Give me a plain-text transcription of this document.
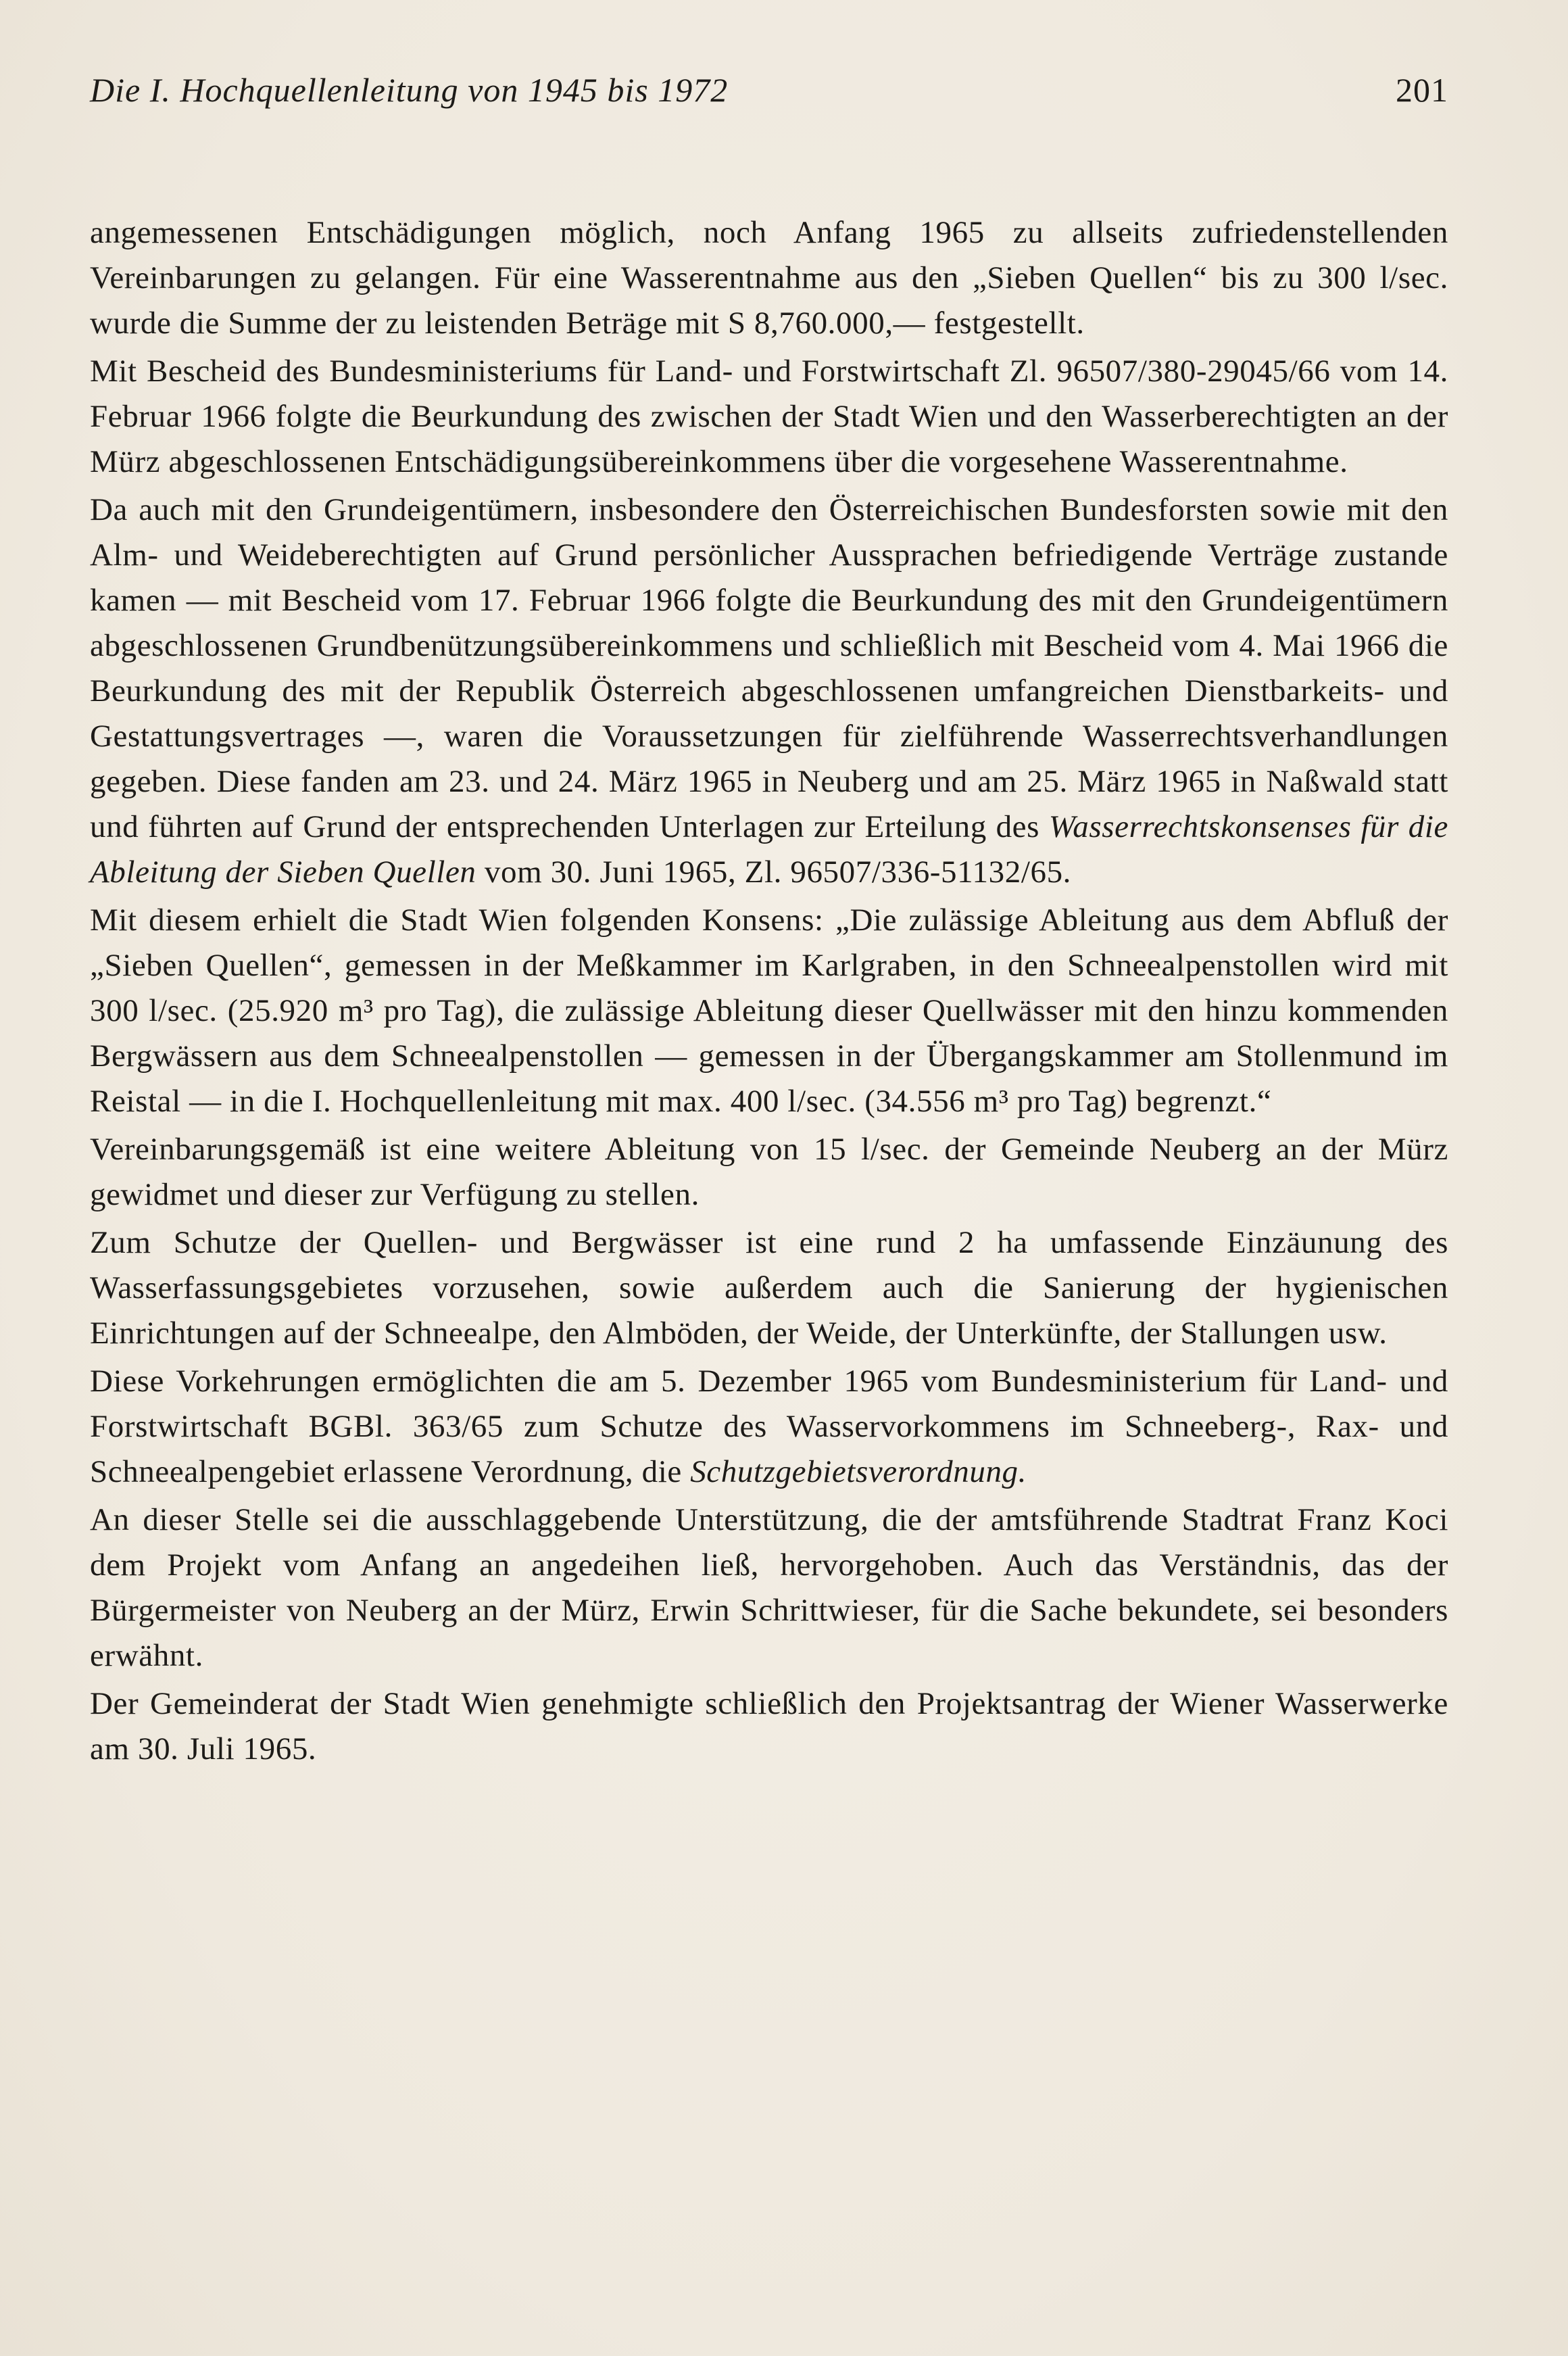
Die I. Hochquellenleitung von 1945 bis 1972	201

angemessenen Entschädigungen möglich, noch Anfang 1965 zu allseits zufriedenstellenden Vereinbarungen zu gelangen. Für eine Wasserentnahme aus den „Sieben Quellen“ bis zu 300 l/sec. wurde die Summe der zu leistenden Beträge mit S 8,760.000,— festgestellt.

Mit Bescheid des Bundesministeriums für Land- und Forstwirtschaft Zl. 96507/380-29045/66 vom 14. Februar 1966 folgte die Beurkundung des zwischen der Stadt Wien und den Wasserberechtigten an der Mürz abgeschlossenen Entschädigungsübereinkommens über die vorgesehene Wasserentnahme.

Da auch mit den Grundeigentümern, insbesondere den Österreichischen Bundesforsten sowie mit den Alm- und Weideberechtigten auf Grund persönlicher Aussprachen befriedigende Verträge zustande kamen — mit Bescheid vom 17. Februar 1966 folgte die Beurkundung des mit den Grundeigentümern abgeschlossenen Grundbenützungsübereinkommens und schließlich mit Bescheid vom 4. Mai 1966 die Beurkundung des mit der Republik Österreich abgeschlossenen umfangreichen Dienstbarkeits- und Gestattungsvertrages —, waren die Voraussetzungen für zielführende Wasserrechtsverhandlungen gegeben. Diese fanden am 23. und 24. März 1965 in Neuberg und am 25. März 1965 in Naßwald statt und führten auf Grund der entsprechenden Unterlagen zur Erteilung des Wasserrechtskonsenses für die Ableitung der Sieben Quellen vom 30. Juni 1965, Zl. 96507/336-51132/65.

Mit diesem erhielt die Stadt Wien folgenden Konsens: „Die zulässige Ableitung aus dem Abfluß der „Sieben Quellen“, gemessen in der Meßkammer im Karlgraben, in den Schneealpenstollen wird mit 300 l/sec. (25.920 m³ pro Tag), die zulässige Ableitung dieser Quellwässer mit den hinzu kommenden Bergwässern aus dem Schneealpenstollen — gemessen in der Übergangskammer am Stollenmund im Reistal — in die I. Hochquellenleitung mit max. 400 l/sec. (34.556 m³ pro Tag) begrenzt.“

Vereinbarungsgemäß ist eine weitere Ableitung von 15 l/sec. der Gemeinde Neuberg an der Mürz gewidmet und dieser zur Verfügung zu stellen.

Zum Schutze der Quellen- und Bergwässer ist eine rund 2 ha umfassende Einzäunung des Wasserfassungsgebietes vorzusehen, sowie außerdem auch die Sanierung der hygienischen Einrichtungen auf der Schneealpe, den Almböden, der Weide, der Unterkünfte, der Stallungen usw.

Diese Vorkehrungen ermöglichten die am 5. Dezember 1965 vom Bundesministerium für Land- und Forstwirtschaft BGBl. 363/65 zum Schutze des Wasservorkommens im Schneeberg-, Rax- und Schneealpengebiet erlassene Verordnung, die Schutzgebietsverordnung.

An dieser Stelle sei die ausschlaggebende Unterstützung, die der amtsführende Stadtrat Franz Koci dem Projekt vom Anfang an angedeihen ließ, hervorgehoben. Auch das Verständnis, das der Bürgermeister von Neuberg an der Mürz, Erwin Schrittwieser, für die Sache bekundete, sei besonders erwähnt.

Der Gemeinderat der Stadt Wien genehmigte schließlich den Projektsantrag der Wiener Wasserwerke am 30. Juli 1965.
